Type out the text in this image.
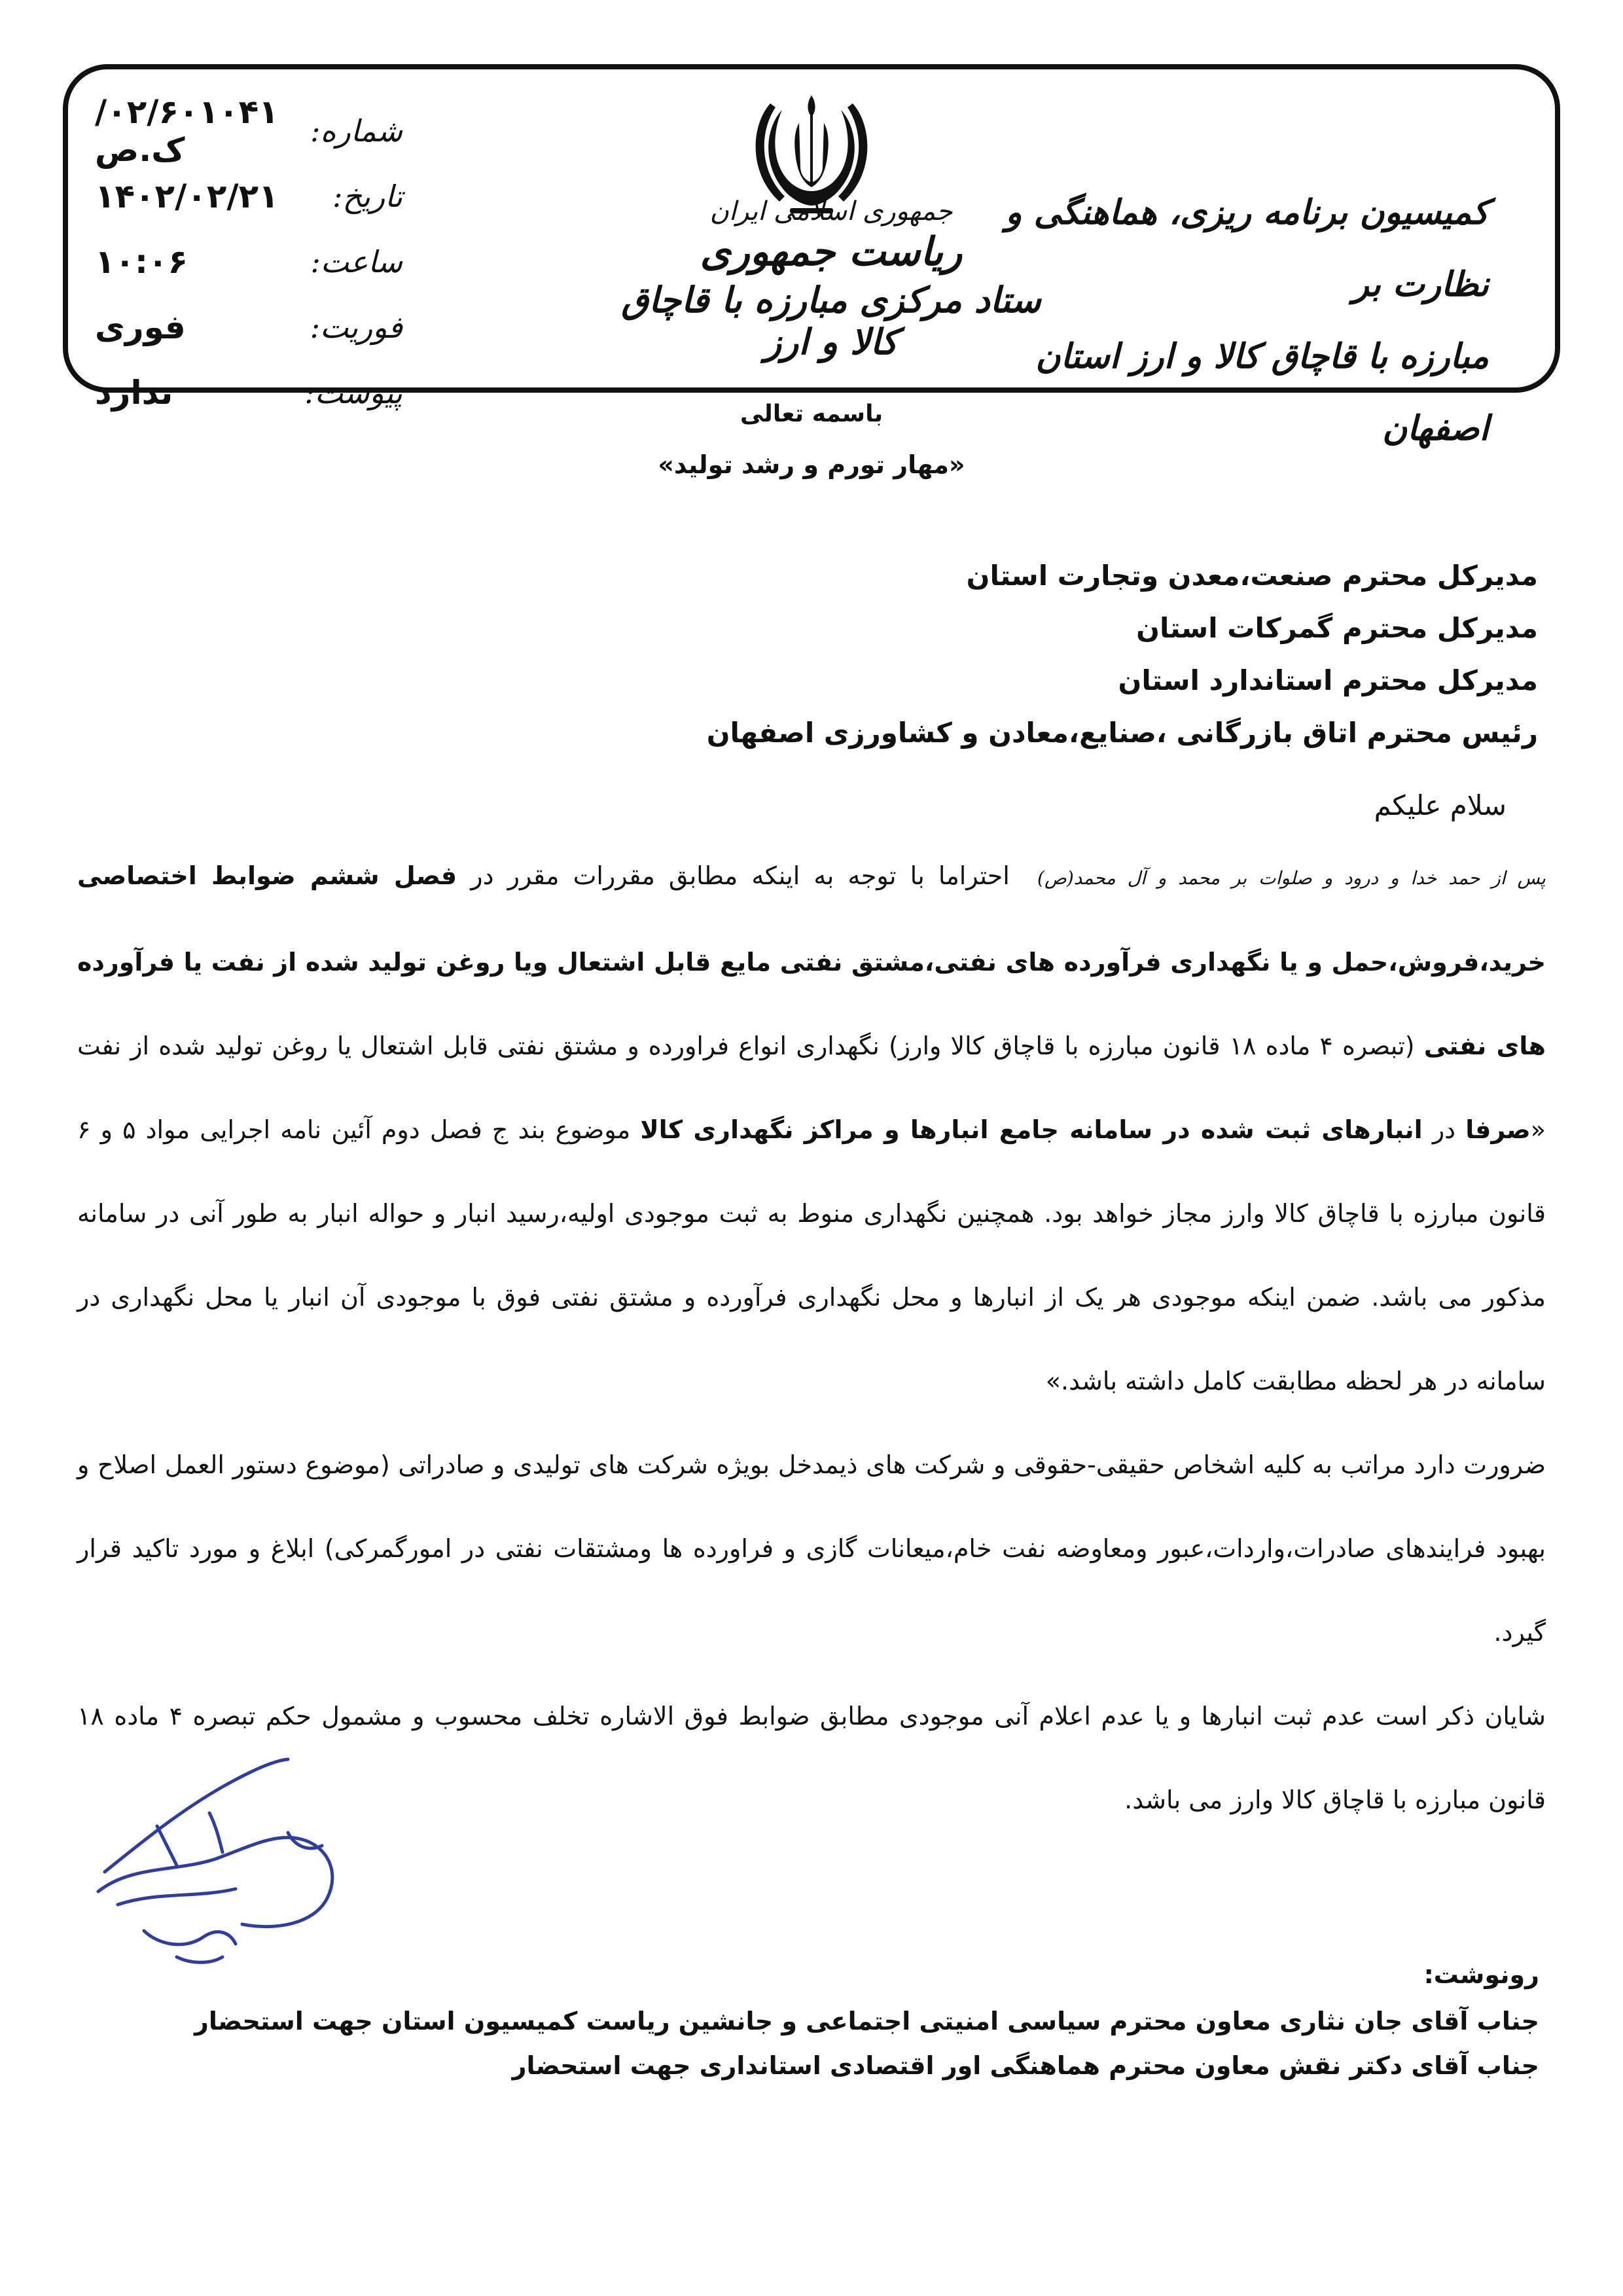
شماره:
۰۲/۶۰۱۰۴۱/ک.ص
تاریخ:
۱۴۰۲/۰۲/۲۱
ساعت:
۱۰:۰۶
فوریت:
فوری
پیوست:
ندارد
جمهوری اسلامی ایران
ریاست جمهوری
ستاد مرکزی مبارزه با قاچاق کالا و ارز
کمیسیون برنامه ریزی، هماهنگی و نظارت بر
مبارزه با قاچاق کالا و ارز استان اصفهان
باسمه تعالی
«مهار تورم و رشد تولید»
مدیرکل محترم صنعت،معدن وتجارت استان
مدیرکل محترم گمرکات استان
مدیرکل محترم استاندارد استان
رئیس محترم اتاق بازرگانی ،صنایع،معادن و کشاورزی اصفهان
سلام علیکم

پس از حمد خدا و درود و صلوات بر محمد و آل محمد(ص)  احتراما با توجه به اینکه مطابق مقررات مقرر در فصل ششم ضوابط اختصاصی خرید،فروش،حمل و یا نگهداری فرآورده های نفتی،مشتق نفتی مایع قابل اشتعال ویا روغن تولید شده از نفت یا فرآورده های نفتی (تبصره ۴ ماده ۱۸ قانون مبارزه با قاچاق کالا وارز) نگهداری انواع فراورده و مشتق نفتی قابل اشتعال یا روغن تولید شده از نفت «صرفا در انبارهای ثبت شده در سامانه جامع انبارها و مراکز نگهداری کالا موضوع بند ج فصل دوم آئین نامه اجرایی مواد ۵ و ۶ قانون مبارزه با قاچاق کالا وارز مجاز خواهد بود. همچنین نگهداری منوط به ثبت موجودی اولیه،رسید انبار و حواله انبار به طور آنی در سامانه مذکور می باشد. ضمن اینکه موجودی هر یک از انبارها و محل نگهداری فرآورده و مشتق نفتی فوق با موجودی آن انبار یا محل نگهداری در سامانه در هر لحظه مطابقت کامل داشته باشد.»

ضرورت دارد مراتب به کلیه اشخاص حقیقی-حقوقی و شرکت های ذیمدخل بویژه شرکت های تولیدی و صادراتی (موضوع دستور العمل اصلاح و بهبود فرایندهای صادرات،واردات،عبور ومعاوضه نفت خام،میعانات گازی و فراورده ها ومشتقات نفتی در امورگمرکی) ابلاغ و مورد تاکید قرار گیرد.

شایان ذکر است عدم ثبت انبارها و یا عدم اعلام آنی موجودی مطابق ضوابط فوق الاشاره تخلف محسوب و مشمول حکم تبصره ۴ ماده ۱۸ قانون مبارزه با قاچاق کالا وارز می باشد.

رونوشت:
جناب آقای جان نثاری معاون محترم سیاسی امنیتی اجتماعی و جانشین ریاست کمیسیون استان جهت استحضار
جناب آقای دکتر نقش معاون محترم هماهنگی اور اقتصادی استانداری جهت استحضار
